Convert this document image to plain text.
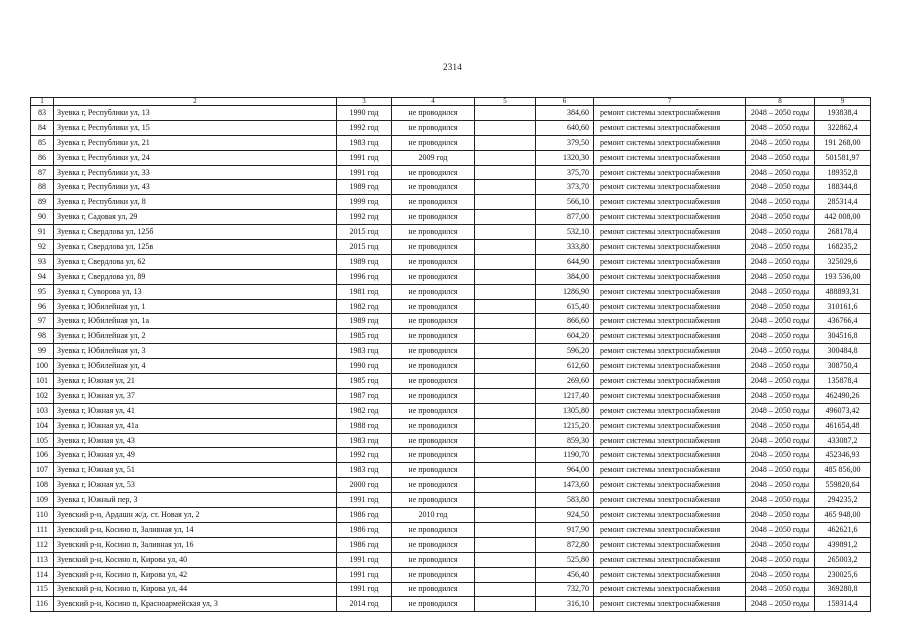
2314
1	2	3	4	5	6	7	8	9
83	Зуевка г, Республики ул, 13	1990 год	не проводился		384,60	ремонт системы электроснабжения	2048 – 2050 годы	193838,4
84	Зуевка г, Республики ул, 15	1992 год	не проводился		640,60	ремонт системы электроснабжения	2048 – 2050 годы	322862,4
85	Зуевка г, Республики ул, 21	1983 год	не проводился		379,50	ремонт системы электроснабжения	2048 – 2050 годы	191 268,00
86	Зуевка г, Республики ул, 24	1991 год	2009 год		1320,30	ремонт системы электроснабжения	2048 – 2050 годы	501581,97
87	Зуевка г, Республики ул, 33	1991 год	не проводился		375,70	ремонт системы электроснабжения	2048 – 2050 годы	189352,8
88	Зуевка г, Республики ул, 43	1989 год	не проводился		373,70	ремонт системы электроснабжения	2048 – 2050 годы	188344,8
89	Зуевка г, Республики ул, 8	1999 год	не проводился		566,10	ремонт системы электроснабжения	2048 – 2050 годы	285314,4
90	Зуевка г, Садовая ул, 29	1992 год	не проводился		877,00	ремонт системы электроснабжения	2048 – 2050 годы	442 008,00
91	Зуевка г, Свердлова ул, 125б	2015 год	не проводился		532,10	ремонт системы электроснабжения	2048 – 2050 годы	268178,4
92	Зуевка г, Свердлова ул, 125в	2015 год	не проводился		333,80	ремонт системы электроснабжения	2048 – 2050 годы	168235,2
93	Зуевка г, Свердлова ул, 62	1989 год	не проводился		644,90	ремонт системы электроснабжения	2048 – 2050 годы	325029,6
94	Зуевка г, Свердлова ул, 89	1996 год	не проводился		384,00	ремонт системы электроснабжения	2048 – 2050 годы	193 536,00
95	Зуевка г, Суворова ул, 13	1981 год	не проводился		1286,90	ремонт системы электроснабжения	2048 – 2050 годы	488893,31
96	Зуевка г, Юбилейная ул, 1	1982 год	не проводился		615,40	ремонт системы электроснабжения	2048 – 2050 годы	310161,6
97	Зуевка г, Юбилейная ул, 1а	1989 год	не проводился		866,60	ремонт системы электроснабжения	2048 – 2050 годы	436766,4
98	Зуевка г, Юбилейная ул, 2	1985 год	не проводился		604,20	ремонт системы электроснабжения	2048 – 2050 годы	304516,8
99	Зуевка г, Юбилейная ул, 3	1983 год	не проводился		596,20	ремонт системы электроснабжения	2048 – 2050 годы	300484,8
100	Зуевка г, Юбилейная ул, 4	1990 год	не проводился		612,60	ремонт системы электроснабжения	2048 – 2050 годы	308750,4
101	Зуевка г, Южная ул, 21	1985 год	не проводился		269,60	ремонт системы электроснабжения	2048 – 2050 годы	135878,4
102	Зуевка г, Южная ул, 37	1987 год	не проводился		1217,40	ремонт системы электроснабжения	2048 – 2050 годы	462490,26
103	Зуевка г, Южная ул, 41	1982 год	не проводился		1305,80	ремонт системы электроснабжения	2048 – 2050 годы	496073,42
104	Зуевка г, Южная ул, 41а	1988 год	не проводился		1215,20	ремонт системы электроснабжения	2048 – 2050 годы	461654,48
105	Зуевка г, Южная ул, 43	1983 год	не проводился		859,30	ремонт системы электроснабжения	2048 – 2050 годы	433087,2
106	Зуевка г, Южная ул, 49	1992 год	не проводился		1190,70	ремонт системы электроснабжения	2048 – 2050 годы	452346,93
107	Зуевка г, Южная ул, 51	1983 год	не проводился		964,00	ремонт системы электроснабжения	2048 – 2050 годы	485 856,00
108	Зуевка г, Южная ул, 53	2000 год	не проводился		1473,60	ремонт системы электроснабжения	2048 – 2050 годы	559820,64
109	Зуевка г, Южный пер, 3	1991 год	не проводился		583,80	ремонт системы электроснабжения	2048 – 2050 годы	294235,2
110	Зуевский р-н, Ардашн ж/д. ст. Новая ул, 2	1986 год	2010 год		924,50	ремонт системы электроснабжения	2048 – 2050 годы	465 948,00
111	Зуевский р-н, Косино п, Заливная ул, 14	1986 год	не проводился		917,90	ремонт системы электроснабжения	2048 – 2050 годы	462621,6
112	Зуевский р-н, Косино п, Заливная ул, 16	1986 год	не проводился		872,80	ремонт системы электроснабжения	2048 – 2050 годы	439891,2
113	Зуевский р-н, Косино п, Кирова ул, 40	1991 год	не проводился		525,80	ремонт системы электроснабжения	2048 – 2050 годы	265003,2
114	Зуевский р-н, Косино п, Кирова ул, 42	1991 год	не проводился		456,40	ремонт системы электроснабжения	2048 – 2050 годы	230025,6
115	Зуевский р-н, Косино п, Кирова ул, 44	1991 год	не проводился		732,70	ремонт системы электроснабжения	2048 – 2050 годы	369280,8
116	Зуевский р-н, Косино п, Красноармейская ул, 3	2014 год	не проводился		316,10	ремонт системы электроснабжения	2048 – 2050 годы	159314,4
